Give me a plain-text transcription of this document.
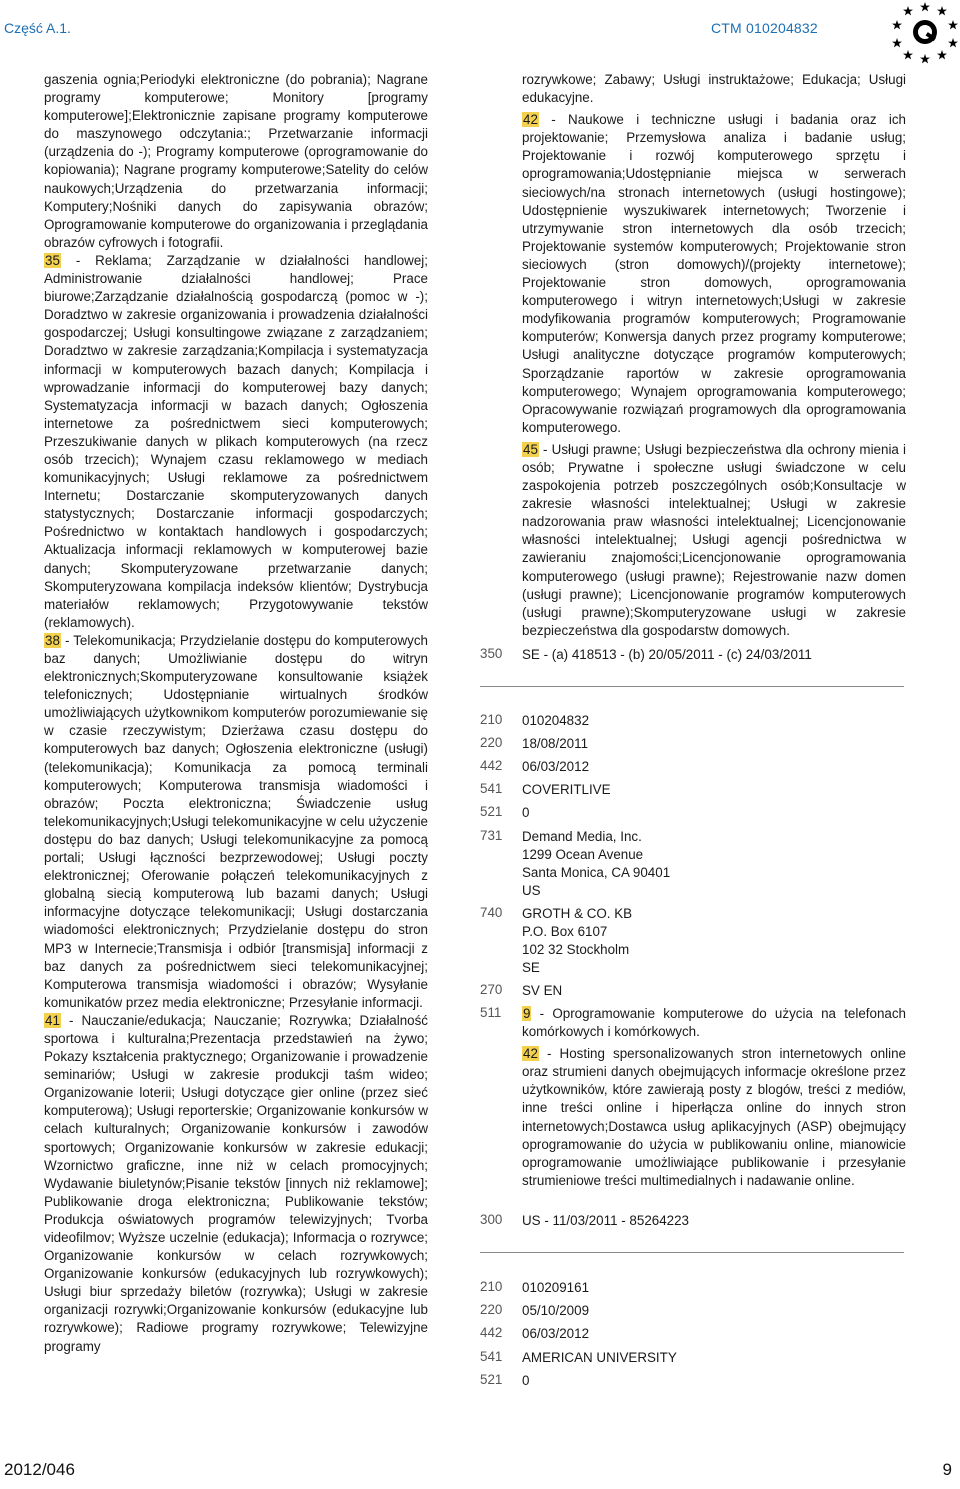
Część A.1.	CTM 010204832

gaszenia ognia;Periodyki elektroniczne (do pobrania); Nagrane programy komputerowe; Monitory [programy komputerowe];Elektronicznie zapisane programy komputerowe do maszynowego odczytania:; Przetwarzanie informacji (urządzenia do -); Programy komputerowe (oprogramowanie do kopiowania); Nagrane programy komputerowe;Satelity do celów naukowych;Urządzenia do przetwarzania informacji; Komputery;Nośniki danych do zapisywania obrazów; Oprogramowanie komputerowe do organizowania i przeglądania obrazów cyfrowych i fotografii.

35 - Reklama; Zarządzanie w działalności handlowej; Administrowanie działalności handlowej; Prace biurowe;Zarządzanie działalnością gospodarczą (pomoc w -); Doradztwo w zakresie organizowania i prowadzenia działalności gospodarczej; Usługi konsultingowe związane z zarządzaniem; Doradztwo w zakresie zarządzania;Kompilacja i systematyzacja informacji w komputerowych bazach danych; Kompilacja i wprowadzanie informacji do komputerowej bazy danych; Systematyzacja informacji w bazach danych; Ogłoszenia internetowe za pośrednictwem sieci komputerowych; Przeszukiwanie danych w plikach komputerowych (na rzecz osób trzecich); Wynajem czasu reklamowego w mediach komunikacyjnych; Usługi reklamowe za pośrednictwem Internetu; Dostarczanie skomputeryzowanych danych statystycznych; Dostarczanie informacji gospodarczych; Pośrednictwo w kontaktach handlowych i gospodarczych; Aktualizacja informacji reklamowych w komputerowej bazie danych; Skomputeryzowane przetwarzanie danych; Skomputeryzowana kompilacja indeksów klientów; Dystrybucja materiałów reklamowych; Przygotowywanie tekstów (reklamowych).

38 - Telekomunikacja; Przydzielanie dostępu do komputerowych baz danych; Umożliwianie dostępu do witryn elektronicznych;Skomputeryzowane konsultowanie książek telefonicznych; Udostępnianie wirtualnych środków umożliwiających użytkownikom komputerów porozumiewanie się w czasie rzeczywistym; Dzierżawa czasu dostępu do komputerowych baz danych; Ogłoszenia elektroniczne (usługi) (telekomunikacja); Komunikacja za pomocą terminali komputerowych; Komputerowa transmisja wiadomości i obrazów; Poczta elektroniczna; Świadczenie usług telekomunikacyjnych;Usługi telekomunikacyjne w celu użyczenie dostępu do baz danych; Usługi telekomunikacyjne za pomocą portali; Usługi łączności bezprzewodowej; Usługi poczty elektronicznej; Oferowanie połączeń telekomunikacyjnych z globalną siecią komputerową lub bazami danych; Usługi informacyjne dotyczące telekomunikacji; Usługi dostarczania wiadomości elektronicznych; Przydzielanie dostępu do stron MP3 w Internecie;Transmisja i odbiór [transmisja] informacji z baz danych za pośrednictwem sieci telekomunikacyjnej; Komputerowa transmisja wiadomości i obrazów; Wysyłanie komunikatów przez media elektroniczne; Przesyłanie informacji.

41 - Nauczanie/edukacja; Nauczanie; Rozrywka; Działalność sportowa i kulturalna;Prezentacja przedstawień na żywo; Pokazy kształcenia praktycznego; Organizowanie i prowadzenie seminariów; Usługi w zakresie produkcji taśm wideo; Organizowanie loterii; Usługi dotyczące gier online (przez sieć komputerową); Usługi reporterskie; Organizowanie konkursów w celach kulturalnych; Organizowanie konkursów i zawodów sportowych; Organizowanie konkursów w zakresie edukacji; Wzornictwo graficzne, inne niż w celach promocyjnych; Wydawanie biuletynów;Pisanie tekstów [innych niż reklamowe]; Publikowanie droga elektroniczna; Publikowanie tekstów; Produkcja oświatowych programów telewizyjnych; Tvorba videofilmov; Wyższe uczelnie (edukacja); Informacja o rozrywce; Organizowanie konkursów w celach rozrywkowych; Organizowanie konkursów (edukacyjnych lub rozrywkowych); Usługi biur sprzedaży biletów (rozrywka); Usługi w zakresie organizacji rozrywki;Organizowanie konkursów (edukacyjne lub rozrywkowe); Radiowe programy rozrywkowe; Telewizyjne programy

rozrywkowe; Zabawy; Usługi instruktażowe; Edukacja; Usługi edukacyjne.

42 - Naukowe i techniczne usługi i badania oraz ich projektowanie; Przemysłowa analiza i badanie usług; Projektowanie i rozwój komputerowego sprzętu i oprogramowania;Udostępnianie miejsca w serwerach sieciowych/na stronach internetowych (usługi hostingowe); Udostępnienie wyszukiwarek internetowych; Tworzenie i utrzymywanie stron internetowych dla osób trzecich; Projektowanie systemów komputerowych; Projektowanie stron sieciowych (stron domowych)/(projekty internetowe); Projektowanie stron domowych, oprogramowania komputerowego i witryn internetowych;Usługi w zakresie modyfikowania programów komputerowych; Programowanie komputerów; Konwersja danych przez programy komputerowe; Usługi analityczne dotyczące programów komputerowych; Sporządzanie raportów w zakresie oprogramowania komputerowego; Wynajem oprogramowania komputerowego; Opracowywanie rozwiązań programowych dla oprogramowania komputerowego.

45 - Usługi prawne; Usługi bezpieczeństwa dla ochrony mienia i osób; Prywatne i społeczne usługi świadczone w celu zaspokojenia potrzeb poszczególnych osób;Konsultacje w zakresie własności intelektualnej; Usługi w zakresie nadzorowania praw własności intelektualnej; Licencjonowanie własności intelektualnej; Usługi agencji pośrednictwa w zawieraniu znajomości;Licencjonowanie oprogramowania komputerowego (usługi prawne); Rejestrowanie nazw domen (usługi prawne); Licencjonowanie programów komputerowych (usługi prawne);Skomputeryzowane usługi w zakresie bezpieczeństwa dla gospodarstw domowych.

350 SE - (a) 418513 - (b) 20/05/2011 - (c) 24/03/2011
210 010204832
220 18/08/2011
442 06/03/2012
541 COVERITLIVE
521 0
731 Demand Media, Inc.
1299 Ocean Avenue
Santa Monica, CA 90401
US
740 GROTH & CO. KB
P.O. Box 6107
102 32 Stockholm
SE
270 SV EN
511 9 - Oprogramowanie komputerowe do użycia na telefonach komórkowych i komórkowych.

42 - Hosting spersonalizowanych stron internetowych online oraz strumieni danych obejmujących informacje określone przez użytkowników, które zawierają posty z blogów, treści z mediów, inne treści online i hiperłącza online do innych stron internetowych;Dostawca usług aplikacyjnych (ASP) obejmujący oprogramowanie do użycia w publikowaniu online, mianowicie oprogramowanie umożliwiające publikowanie i przesyłanie strumieniowe treści multimedialnych i nadawanie online.

300 US - 11/03/2011 - 85264223
210 010209161
220 05/10/2009
442 06/03/2012
541 AMERICAN UNIVERSITY
521 0
2012/046	9
